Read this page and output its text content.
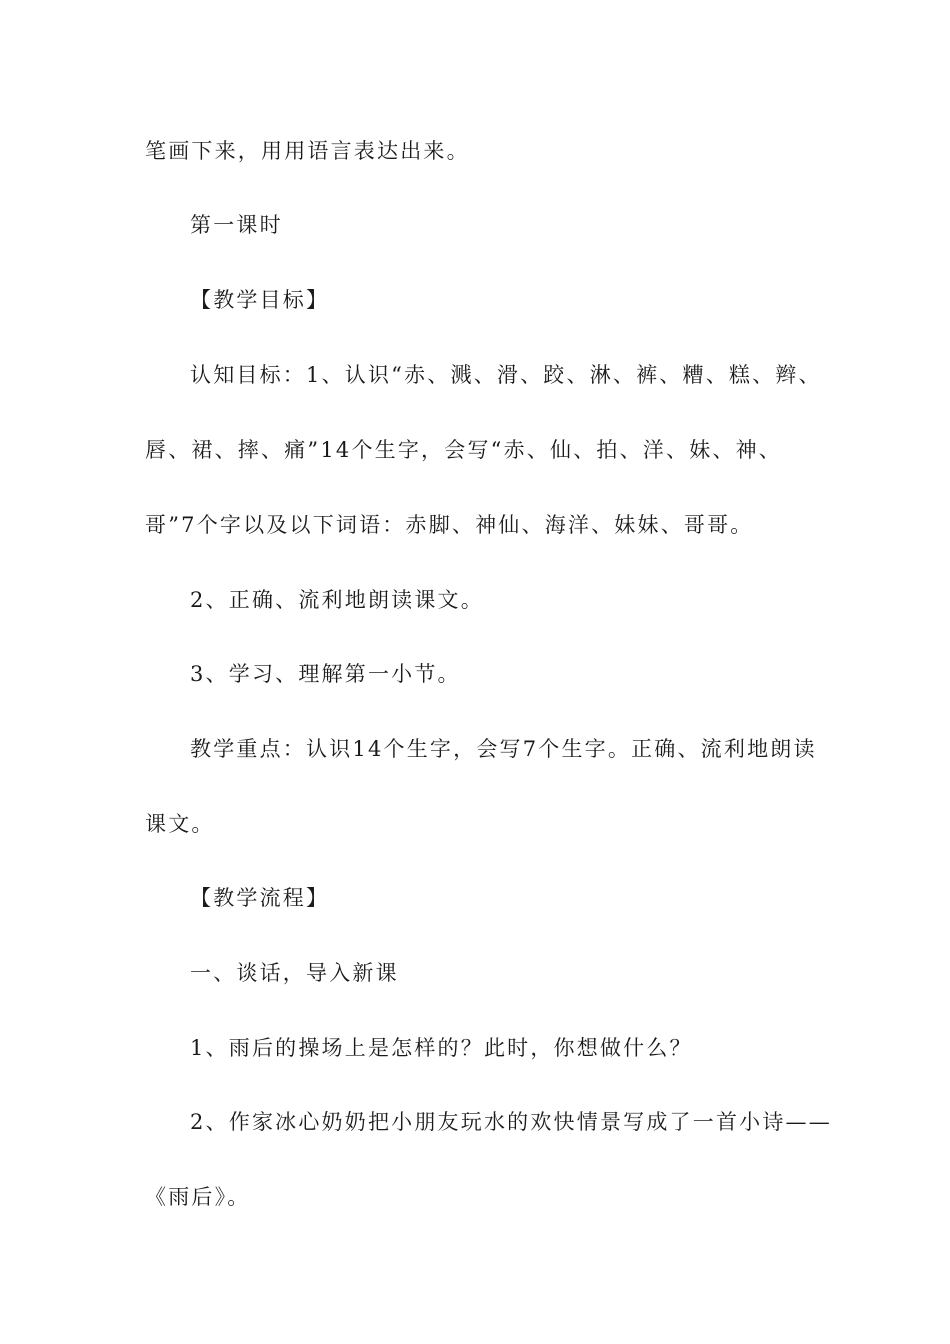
笔画下来，用用语言表达出来。
第一课时
【教学目标】
认知目标：1、认识“赤、溅、滑、跤、淋、裤、糟、糕、辫、
唇、裙、摔、痛”14个生字，会写“赤、仙、拍、洋、妹、神、
哥”7个字以及以下词语：赤脚、神仙、海洋、妹妹、哥哥。
2、正确、流利地朗读课文。
3、学习、理解第一小节。
教学重点：认识14个生字，会写7个生字。正确、流利地朗读
课文。
【教学流程】
一、谈话，导入新课
1、雨后的操场上是怎样的？此时，你想做什么？
2、作家冰心奶奶把小朋友玩水的欢快情景写成了一首小诗——
《雨后》。
